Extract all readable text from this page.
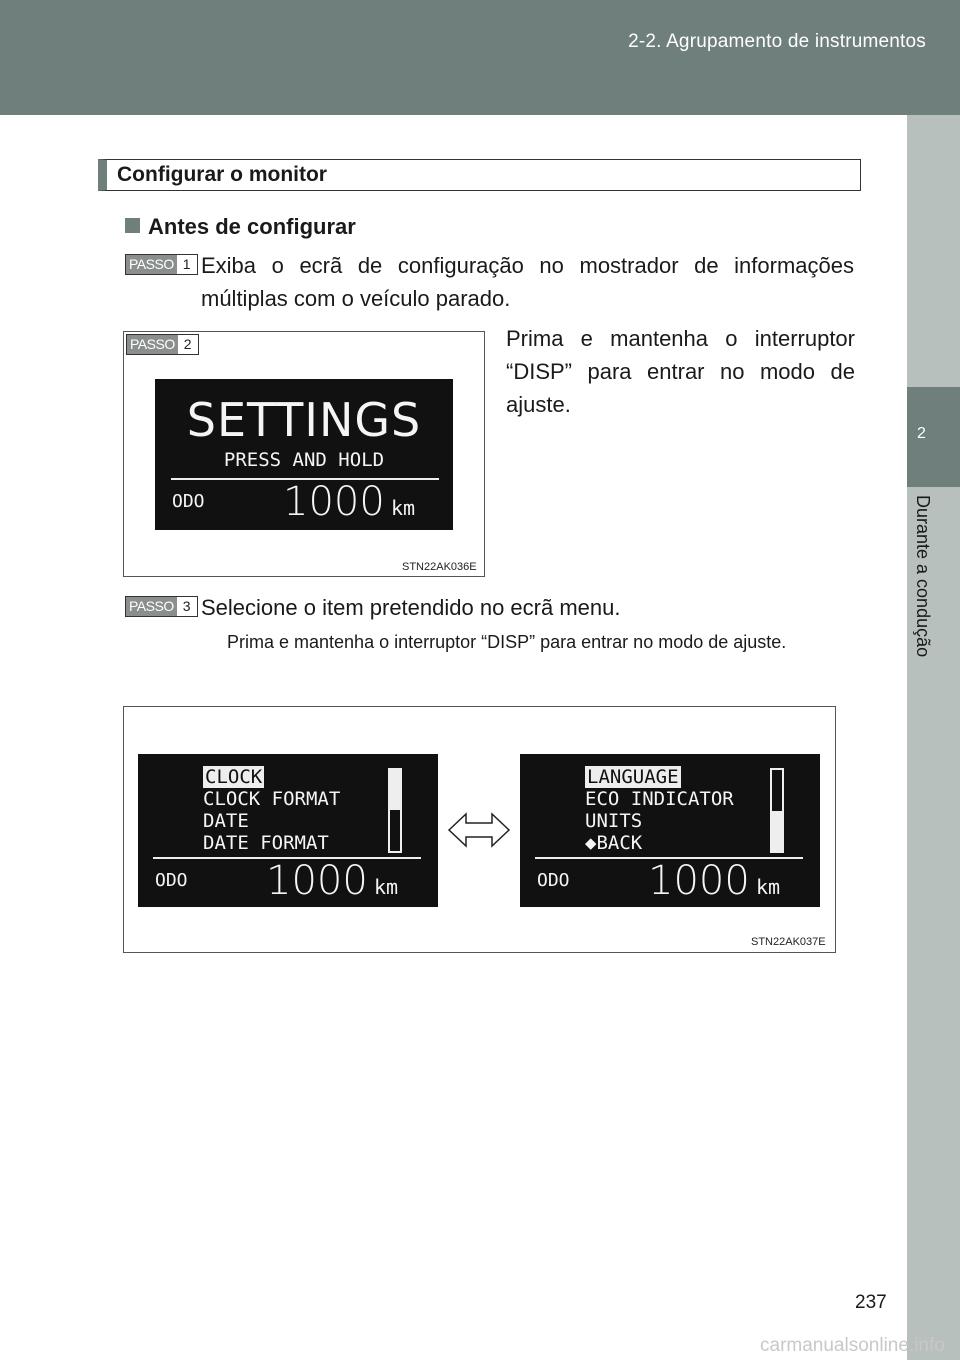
2-2. Agrupamento de instrumentos
2
Durante a condução
Configurar o monitor
Antes de configurar
PASSO 1 Exiba o ecrã de configuração no mostrador de informações múltiplas com o veículo parado.
SETTINGS
PRESS AND HOLD
ODO 1000 km
STN22AK036E
PASSO 2	Prima e mantenha o interruptor “DISP” para entrar no modo de ajuste.
PASSO 3 Selecione o item pretendido no ecrã menu.
Prima e mantenha o interruptor “DISP” para entrar no modo de ajuste.
CLOCK
CLOCK FORMAT
DATE
DATE FORMAT
ODO 1000 km
LANGUAGE
ECO INDICATOR
UNITS
◆BACK
ODO 1000 km
STN22AK037E
237
carmanualsonline.info
